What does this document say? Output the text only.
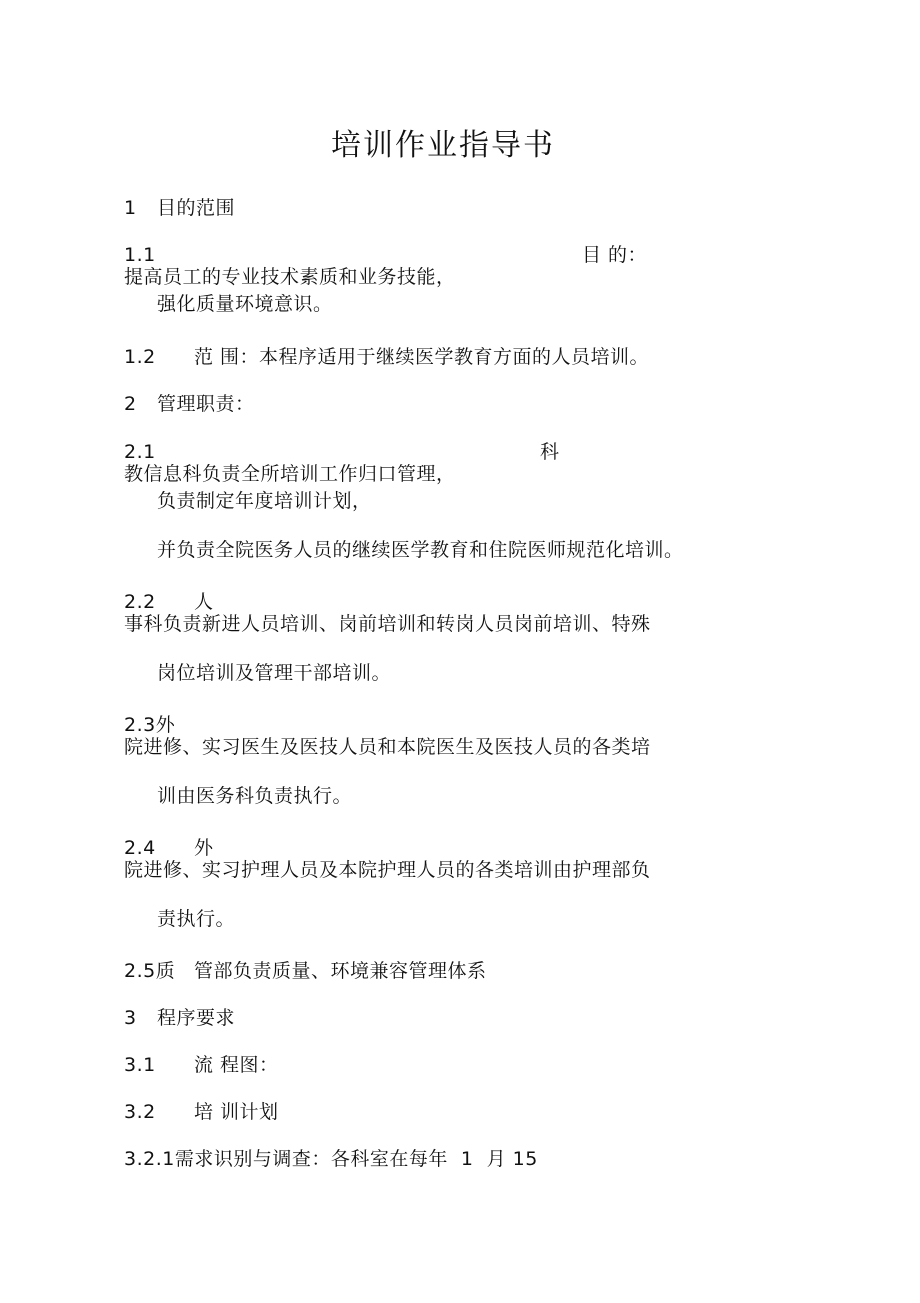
培训作业指导书
1 目的范围
1.1	目 的：
提高员工的专业技术素质和业务技能，
强化质量环境意识。
1.2 范 围：本程序适用于继续医学教育方面的人员培训。
2 管理职责：
2.1	科
教信息科负责全所培训工作归口管理，
负责制定年度培训计划，
并负责全院医务人员的继续医学教育和住院医师规范化培训。
2.2 人
事科负责新进人员培训、岗前培训和转岗人员岗前培训、特殊
岗位培训及管理干部培训。
2.3外
院进修、实习医生及医技人员和本院医生及医技人员的各类培
训由医务科负责执行。
2.4 外
院进修、实习护理人员及本院护理人员的各类培训由护理部负
责执行。
2.5质 管部负责质量、环境兼容管理体系
3 程序要求
3.1 流 程图：
3.2 培 训计划
3.2.1需求识别与调查：各科室在每年  1  月 15
